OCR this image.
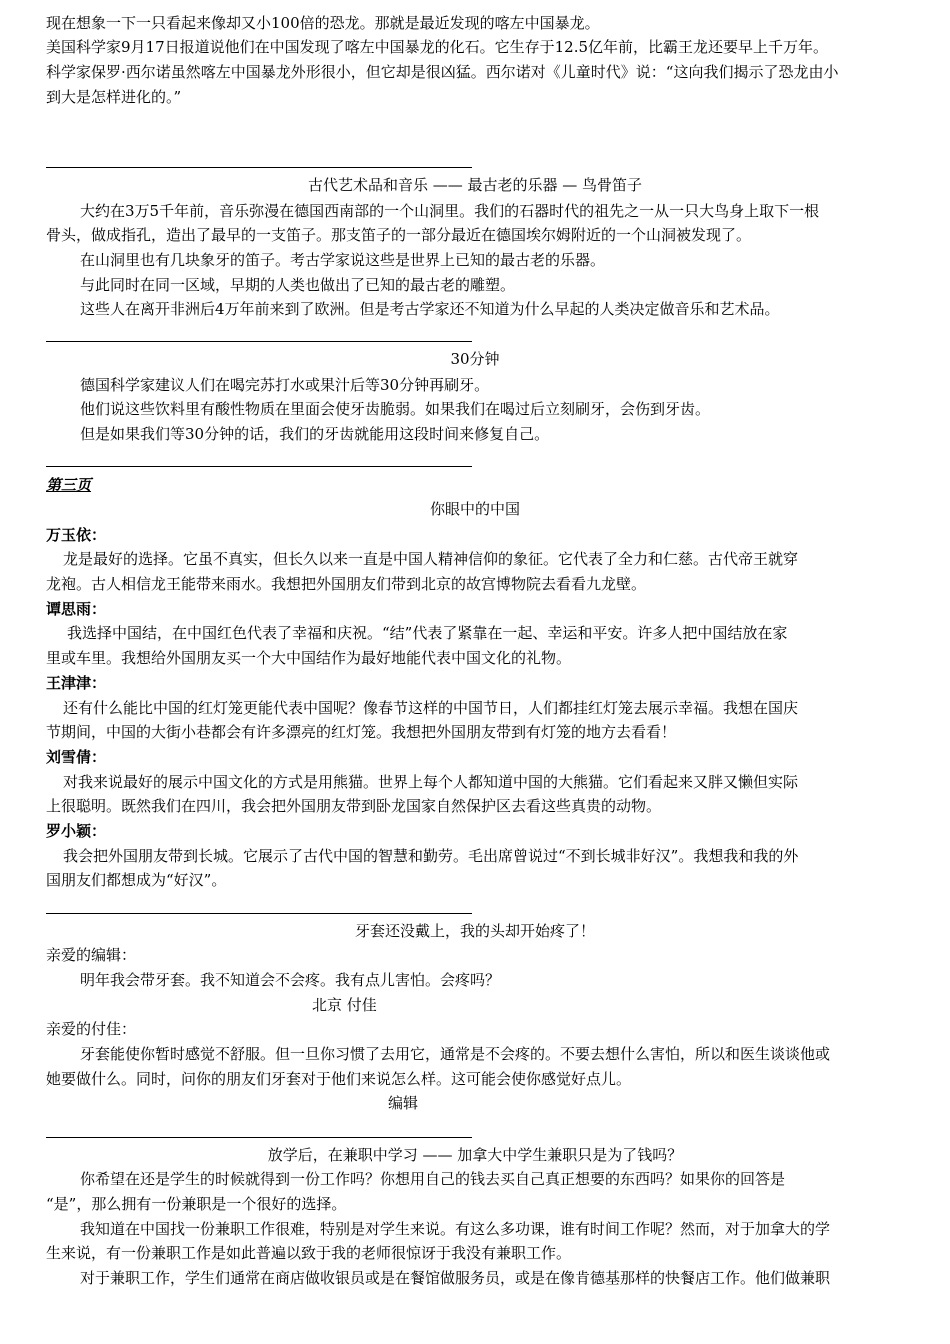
现在想象一下一只看起来像却又小100倍的恐龙。那就是最近发现的喀左中国暴龙。
美国科学家9月17日报道说他们在中国发现了喀左中国暴龙的化石。它生存于12.5亿年前，比霸王龙还要早上千万年。
科学家保罗·西尔诺虽然喀左中国暴龙外形很小，但它却是很凶猛。西尔诺对《儿童时代》说：“这向我们揭示了恐龙由小
到大是怎样进化的。”
古代艺术品和音乐 —— 最古老的乐器 — 鸟骨笛子
大约在3万5千年前，音乐弥漫在德国西南部的一个山洞里。我们的石器时代的祖先之一从一只大鸟身上取下一根
骨头，做成指孔，造出了最早的一支笛子。那支笛子的一部分最近在德国埃尔姆附近的一个山洞被发现了。
在山洞里也有几块象牙的笛子。考古学家说这些是世界上已知的最古老的乐器。
与此同时在同一区域，早期的人类也做出了已知的最古老的雕塑。
这些人在离开非洲后4万年前来到了欧洲。但是考古学家还不知道为什么早起的人类决定做音乐和艺术品。
30分钟
德国科学家建议人们在喝完苏打水或果汁后等30分钟再刷牙。
他们说这些饮料里有酸性物质在里面会使牙齿脆弱。如果我们在喝过后立刻刷牙，会伤到牙齿。
但是如果我们等30分钟的话，我们的牙齿就能用这段时间来修复自己。
第三页
你眼中的中国
万玉依：
龙是最好的选择。它虽不真实，但长久以来一直是中国人精神信仰的象征。它代表了全力和仁慈。古代帝王就穿
龙袍。古人相信龙王能带来雨水。我想把外国朋友们带到北京的故宫博物院去看看九龙壁。
谭思雨：
我选择中国结，在中国红色代表了幸福和庆祝。“结”代表了紧靠在一起、幸运和平安。许多人把中国结放在家
里或车里。我想给外国朋友买一个大中国结作为最好地能代表中国文化的礼物。
王津津：
还有什么能比中国的红灯笼更能代表中国呢？像春节这样的中国节日，人们都挂红灯笼去展示幸福。我想在国庆
节期间，中国的大街小巷都会有许多漂亮的红灯笼。我想把外国朋友带到有灯笼的地方去看看！
刘雪倩：
对我来说最好的展示中国文化的方式是用熊猫。世界上每个人都知道中国的大熊猫。它们看起来又胖又懒但实际
上很聪明。既然我们在四川，我会把外国朋友带到卧龙国家自然保护区去看这些真贵的动物。
罗小颖：
我会把外国朋友带到长城。它展示了古代中国的智慧和勤劳。毛出席曾说过“不到长城非好汉”。我想我和我的外
国朋友们都想成为“好汉”。
牙套还没戴上，我的头却开始疼了！
亲爱的编辑：
明年我会带牙套。我不知道会不会疼。我有点儿害怕。会疼吗？
北京 付佳
亲爱的付佳：
牙套能使你暂时感觉不舒服。但一旦你习惯了去用它，通常是不会疼的。不要去想什么害怕，所以和医生谈谈他或
她要做什么。同时，问你的朋友们牙套对于他们来说怎么样。这可能会使你感觉好点儿。
编辑
放学后，在兼职中学习 —— 加拿大中学生兼职只是为了钱吗？
你希望在还是学生的时候就得到一份工作吗？你想用自己的钱去买自己真正想要的东西吗？如果你的回答是
“是”，那么拥有一份兼职是一个很好的选择。
我知道在中国找一份兼职工作很难，特别是对学生来说。有这么多功课，谁有时间工作呢？然而，对于加拿大的学
生来说，有一份兼职工作是如此普遍以致于我的老师很惊讶于我没有兼职工作。
对于兼职工作，学生们通常在商店做收银员或是在餐馆做服务员，或是在像肯德基那样的快餐店工作。他们做兼职
